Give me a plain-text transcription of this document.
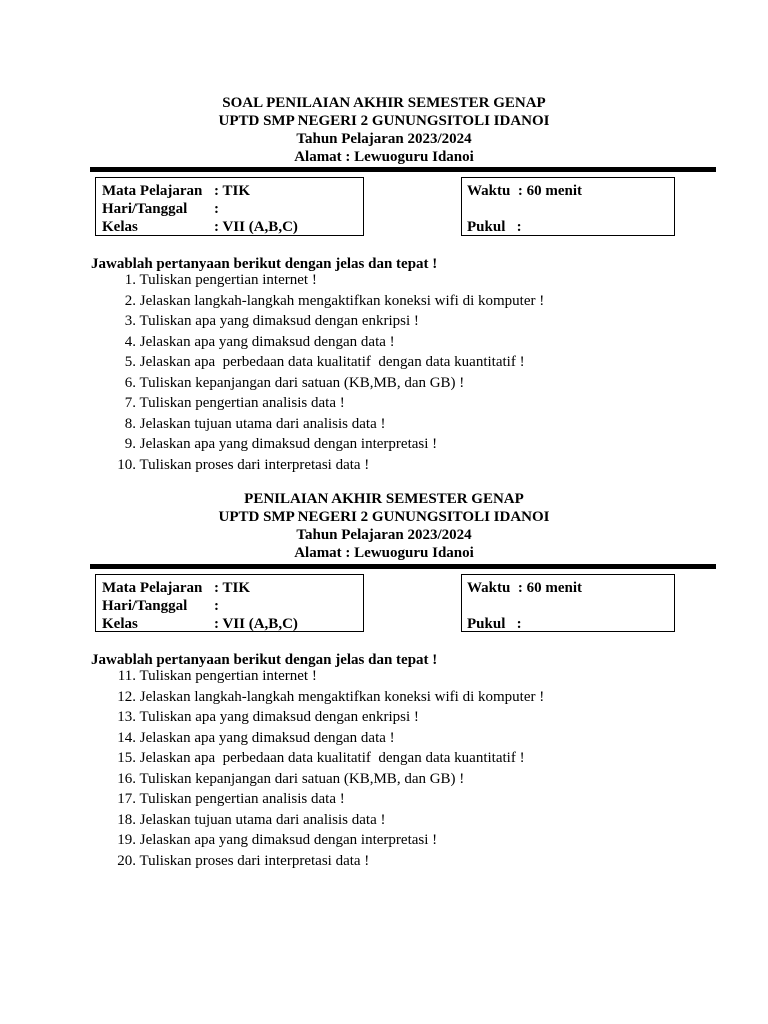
SOAL PENILAIAN AKHIR SEMESTER GENAP
UPTD SMP NEGERI 2 GUNUNGSITOLI IDANOI
Tahun Pelajaran 2023/2024
Alamat : Lewuoguru Idanoi
Mata Pelajaran : TIK
Hari/Tanggal :
Kelas	: VII (A,B,C)
Waktu : 60 menit
Pukul :
Jawablah pertanyaan berikut dengan jelas dan tepat !
1. Tuliskan pengertian internet !
2. Jelaskan langkah-langkah mengaktifkan koneksi wifi di komputer !
3. Tuliskan apa yang dimaksud dengan enkripsi !
4. Jelaskan apa yang dimaksud dengan data !
5. Jelaskan apa  perbedaan data kualitatif  dengan data kuantitatif !
6. Tuliskan kepanjangan dari satuan (KB,MB, dan GB) !
7. Tuliskan pengertian analisis data !
8. Jelaskan tujuan utama dari analisis data !
9. Jelaskan apa yang dimaksud dengan interpretasi !
10. Tuliskan proses dari interpretasi data !
PENILAIAN AKHIR SEMESTER GENAP
UPTD SMP NEGERI 2 GUNUNGSITOLI IDANOI
Tahun Pelajaran 2023/2024
Alamat : Lewuoguru Idanoi
Mata Pelajaran : TIK
Hari/Tanggal :
Kelas	: VII (A,B,C)
Waktu : 60 menit
Pukul :
Jawablah pertanyaan berikut dengan jelas dan tepat !
11. Tuliskan pengertian internet !
12. Jelaskan langkah-langkah mengaktifkan koneksi wifi di komputer !
13. Tuliskan apa yang dimaksud dengan enkripsi !
14. Jelaskan apa yang dimaksud dengan data !
15. Jelaskan apa  perbedaan data kualitatif  dengan data kuantitatif !
16. Tuliskan kepanjangan dari satuan (KB,MB, dan GB) !
17. Tuliskan pengertian analisis data !
18. Jelaskan tujuan utama dari analisis data !
19. Jelaskan apa yang dimaksud dengan interpretasi !
20. Tuliskan proses dari interpretasi data !
